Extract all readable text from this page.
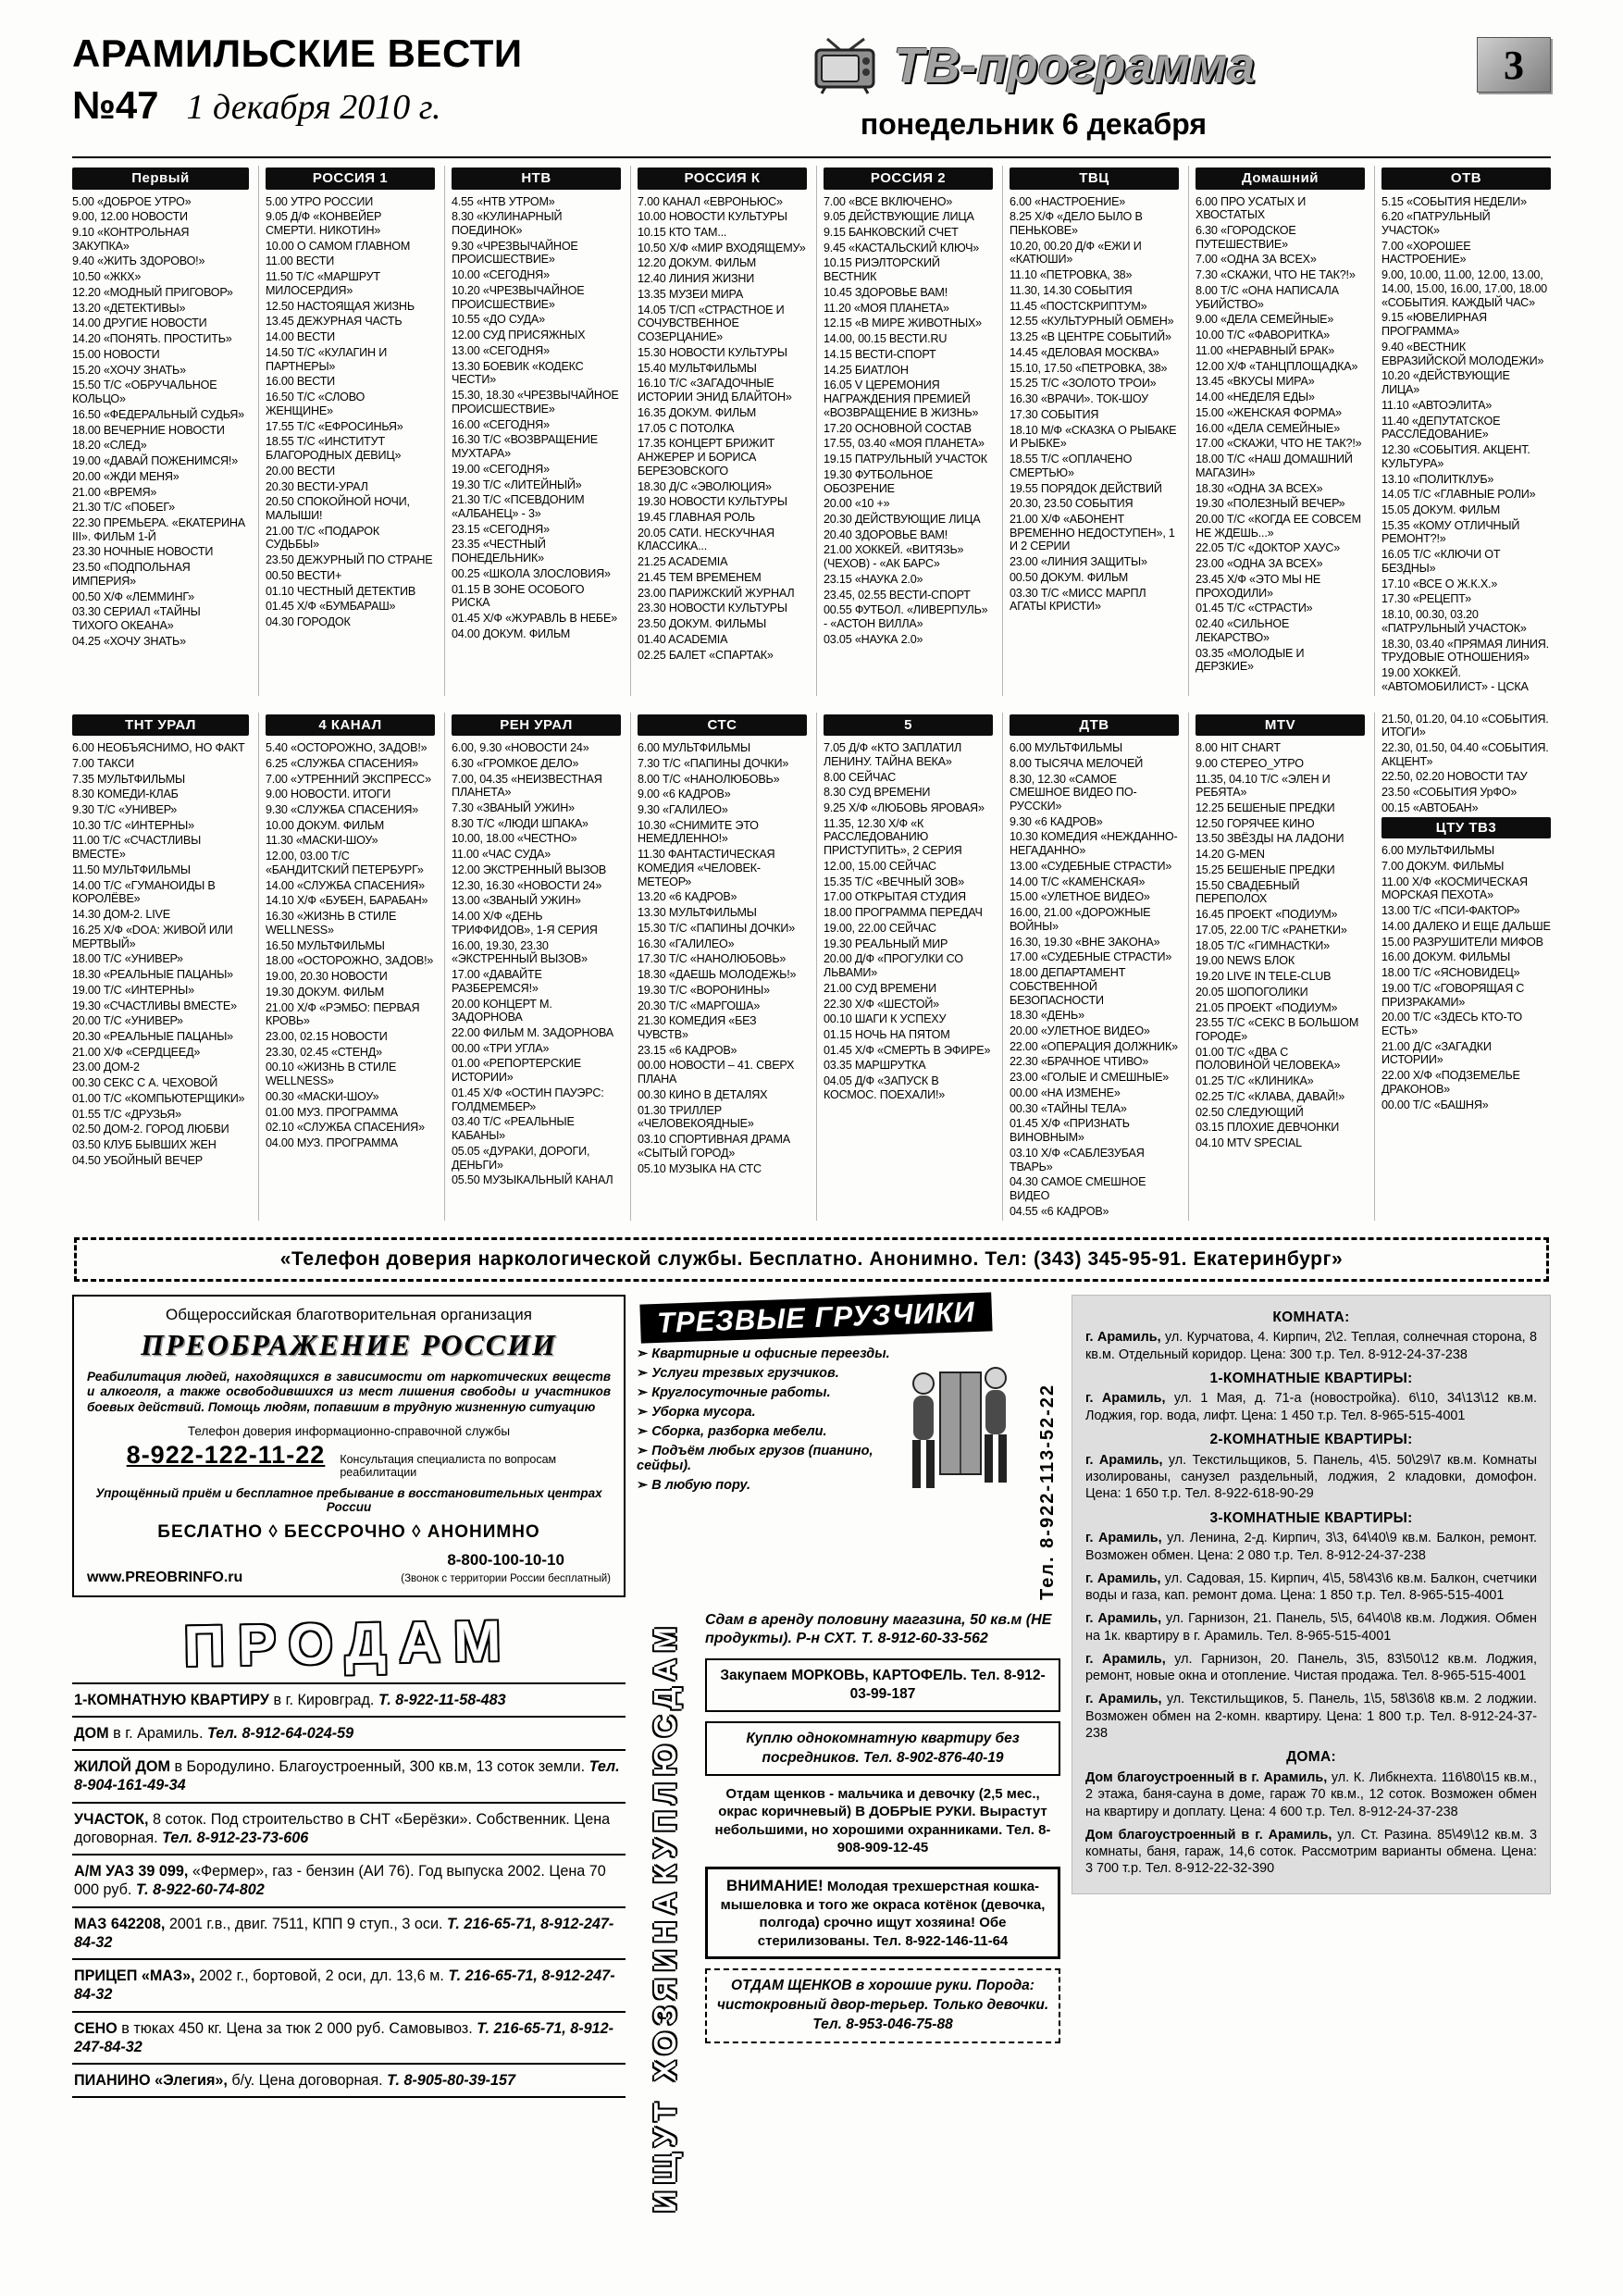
АРАМИЛЬСКИЕ ВЕСТИ
№47 1 декабря 2010 г.
ТВ-программа
понедельник 6 декабря
3
Первый
5.00 «ДОБРОЕ УТРО»
9.00, 12.00 НОВОСТИ
9.10 «КОНТРОЛЬНАЯ ЗАКУПКА»
9.40 «ЖИТЬ ЗДОРОВО!»
10.50 «ЖКХ»
12.20 «МОДНЫЙ ПРИГОВОР»
13.20 «ДЕТЕКТИВЫ»
14.00 ДРУГИЕ НОВОСТИ
14.20 «ПОНЯТЬ. ПРОСТИТЬ»
15.00 НОВОСТИ
15.20 «ХОЧУ ЗНАТЬ»
15.50 Т/С «ОБРУЧАЛЬНОЕ КОЛЬЦО»
16.50 «ФЕДЕРАЛЬНЫЙ СУДЬЯ»
18.00 ВЕЧЕРНИЕ НОВОСТИ
18.20 «СЛЕД»
19.00 «ДАВАЙ ПОЖЕНИМСЯ!»
20.00 «ЖДИ МЕНЯ»
21.00 «ВРЕМЯ»
21.30 Т/С «ПОБЕГ»
22.30 ПРЕМЬЕРА. «ЕКАТЕРИНА III». ФИЛЬМ 1-Й
23.30 НОЧНЫЕ НОВОСТИ
23.50 «ПОДПОЛЬНАЯ ИМПЕРИЯ»
00.50 Х/Ф «ЛЕММИНГ»
03.30 СЕРИАЛ «ТАЙНЫ ТИХОГО ОКЕАНА»
04.25 «ХОЧУ ЗНАТЬ»
РОССИЯ 1
5.00 УТРО РОССИИ
9.05 Д/Ф «КОНВЕЙЕР СМЕРТИ. НИКОТИН»
10.00 О САМОМ ГЛАВНОМ
11.00 ВЕСТИ
11.50 Т/С «МАРШРУТ МИЛОСЕРДИЯ»
12.50 НАСТОЯЩАЯ ЖИЗНЬ
13.45 ДЕЖУРНАЯ ЧАСТЬ
14.00 ВЕСТИ
14.50 Т/С «КУЛАГИН И ПАРТНЕРЫ»
16.00 ВЕСТИ
16.50 Т/С «СЛОВО ЖЕНЩИНЕ»
17.55 Т/С «ЕФРОСИНЬЯ»
18.55 Т/С «ИНСТИТУТ БЛАГОРОДНЫХ ДЕВИЦ»
20.00 ВЕСТИ
20.30 ВЕСТИ-УРАЛ
20.50 СПОКОЙНОЙ НОЧИ, МАЛЫШИ!
21.00 Т/С «ПОДАРОК СУДЬБЫ»
23.50 ДЕЖУРНЫЙ ПО СТРАНЕ
00.50 ВЕСТИ+
01.10 ЧЕСТНЫЙ ДЕТЕКТИВ
01.45 Х/Ф «БУМБАРАШ»
04.30 ГОРОДОК
НТВ
4.55 «НТВ УТРОМ»
8.30 «КУЛИНАРНЫЙ ПОЕДИНОК»
9.30 «ЧРЕЗВЫЧАЙНОЕ ПРОИСШЕСТВИЕ»
10.00 «СЕГОДНЯ»
10.20 «ЧРЕЗВЫЧАЙНОЕ ПРОИСШЕСТВИЕ»
10.55 «ДО СУДА»
12.00 СУД ПРИСЯЖНЫХ
13.00 «СЕГОДНЯ»
13.30 БОЕВИК «КОДЕКС ЧЕСТИ»
15.30, 18.30 «ЧРЕЗВЫЧАЙНОЕ ПРОИСШЕСТВИЕ»
16.00 «СЕГОДНЯ»
16.30 Т/С «ВОЗВРАЩЕНИЕ МУХТАРА»
19.00 «СЕГОДНЯ»
19.30 Т/С «ЛИТЕЙНЫЙ»
21.30 Т/С «ПСЕВДОНИМ «АЛБАНЕЦ» - 3»
23.15 «СЕГОДНЯ»
23.35 «ЧЕСТНЫЙ ПОНЕДЕЛЬНИК»
00.25 «ШКОЛА ЗЛОСЛОВИЯ»
01.15 В ЗОНЕ ОСОБОГО РИСКА
01.45 Х/Ф «ЖУРАВЛЬ В НЕБЕ»
04.00 ДОКУМ. ФИЛЬМ
РОССИЯ К
7.00 КАНАЛ «ЕВРОНЬЮС»
10.00 НОВОСТИ КУЛЬТУРЫ
10.15 КТО ТАМ...
10.50 Х/Ф «МИР ВХОДЯЩЕМУ»
12.20 ДОКУМ. ФИЛЬМ
12.40 ЛИНИЯ ЖИЗНИ
13.35 МУЗЕИ МИРА
14.05 Т/СП «СТРАСТНОЕ И СОЧУВСТВЕННОЕ СОЗЕРЦАНИЕ»
15.30 НОВОСТИ КУЛЬТУРЫ
15.40 МУЛЬТФИЛЬМЫ
16.10 Т/С «ЗАГАДОЧНЫЕ ИСТОРИИ ЭНИД БЛАЙТОН»
16.35 ДОКУМ. ФИЛЬМ
17.05 С ПОТОЛКА
17.35 КОНЦЕРТ БРИЖИТ АНЖЕРЕР И БОРИСА БЕРЕЗОВСКОГО
18.30 Д/С «ЭВОЛЮЦИЯ»
19.30 НОВОСТИ КУЛЬТУРЫ
19.45 ГЛАВНАЯ РОЛЬ
20.05 САТИ. НЕСКУЧНАЯ КЛАССИКА...
21.25 ACADEMIA
21.45 ТЕМ ВРЕМЕНЕМ
23.00 ПАРИЖСКИЙ ЖУРНАЛ
23.30 НОВОСТИ КУЛЬТУРЫ
23.50 ДОКУМ. ФИЛЬМЫ
01.40 ACADEMIA
02.25 БАЛЕТ «СПАРТАК»
РОССИЯ 2
7.00 «ВСЕ ВКЛЮЧЕНО»
9.05 ДЕЙСТВУЮЩИЕ ЛИЦА
9.15 БАНКОВСКИЙ СЧЕТ
9.45 «КАСТАЛЬСКИЙ КЛЮЧ»
10.15 РИЭЛТОРСКИЙ ВЕСТНИК
10.45 ЗДОРОВЬЕ ВАМ!
11.20 «МОЯ ПЛАНЕТА»
12.15 «В МИРЕ ЖИВОТНЫХ»
14.00, 00.15 ВЕСТИ.RU
14.15 ВЕСТИ-СПОРТ
14.25 БИАТЛОН
16.05 V ЦЕРЕМОНИЯ НАГРАЖДЕНИЯ ПРЕМИЕЙ «ВОЗВРАЩЕНИЕ В ЖИЗНЬ»
17.20 ОСНОВНОЙ СОСТАВ
17.55, 03.40 «МОЯ ПЛАНЕТА»
19.15 ПАТРУЛЬНЫЙ УЧАСТОК
19.30 ФУТБОЛЬНОЕ ОБОЗРЕНИЕ
20.00 «10 +»
20.30 ДЕЙСТВУЮЩИЕ ЛИЦА
20.40 ЗДОРОВЬЕ ВАМ!
21.00 ХОККЕЙ. «ВИТЯЗЬ» (ЧЕХОВ) - «АК БАРС»
23.15 «НАУКА 2.0»
23.45, 02.55 ВЕСТИ-СПОРТ
00.55 ФУТБОЛ. «ЛИВЕРПУЛЬ» - «АСТОН ВИЛЛА»
03.05 «НАУКА 2.0»
ТВЦ
6.00 «НАСТРОЕНИЕ»
8.25 Х/Ф «ДЕЛО БЫЛО В ПЕНЬКОВЕ»
10.20, 00.20 Д/Ф «ЕЖИ И «КАТЮШИ»
11.10 «ПЕТРОВКА, 38»
11.30, 14.30 СОБЫТИЯ
11.45 «ПОСТСКРИПТУМ»
12.55 «КУЛЬТУРНЫЙ ОБМЕН»
13.25 «В ЦЕНТРЕ СОБЫТИЙ»
14.45 «ДЕЛОВАЯ МОСКВА»
15.10, 17.50 «ПЕТРОВКА, 38»
15.25 Т/С «ЗОЛОТО ТРОИ»
16.30 «ВРАЧИ». ТОК-ШОУ
17.30 СОБЫТИЯ
18.10 М/Ф «СКАЗКА О РЫБАКЕ И РЫБКЕ»
18.55 Т/С «ОПЛАЧЕНО СМЕРТЬЮ»
19.55 ПОРЯДОК ДЕЙСТВИЙ
20.30, 23.50 СОБЫТИЯ
21.00 Х/Ф «АБОНЕНТ ВРЕМЕННО НЕДОСТУПЕН», 1 И 2 СЕРИИ
23.00 «ЛИНИЯ ЗАЩИТЫ»
00.50 ДОКУМ. ФИЛЬМ
03.30 Т/С «МИСС МАРПЛ АГАТЫ КРИСТИ»
Домашний
6.00 ПРО УСАТЫХ И ХВОСТАТЫХ
6.30 «ГОРОДСКОЕ ПУТЕШЕСТВИЕ»
7.00 «ОДНА ЗА ВСЕХ»
7.30 «СКАЖИ, ЧТО НЕ ТАК?!»
8.00 Т/С «ОНА НАПИСАЛА УБИЙСТВО»
9.00 «ДЕЛА СЕМЕЙНЫЕ»
10.00 Т/С «ФАВОРИТКА»
11.00 «НЕРАВНЫЙ БРАК»
12.00 Х/Ф «ТАНЦПЛОЩАДКА»
13.45 «ВКУСЫ МИРА»
14.00 «НЕДЕЛЯ ЕДЫ»
15.00 «ЖЕНСКАЯ ФОРМА»
16.00 «ДЕЛА СЕМЕЙНЫЕ»
17.00 «СКАЖИ, ЧТО НЕ ТАК?!»
18.00 Т/С «НАШ ДОМАШНИЙ МАГАЗИН»
18.30 «ОДНА ЗА ВСЕХ»
19.30 «ПОЛЕЗНЫЙ ВЕЧЕР»
20.00 Т/С «КОГДА ЕЕ СОВСЕМ НЕ ЖДЕШЬ...»
22.05 Т/С «ДОКТОР ХАУС»
23.00 «ОДНА ЗА ВСЕХ»
23.45 Х/Ф «ЭТО МЫ НЕ ПРОХОДИЛИ»
01.45 Т/С «СТРАСТИ»
02.40 «СИЛЬНОЕ ЛЕКАРСТВО»
03.35 «МОЛОДЫЕ И ДЕРЗКИЕ»
ОТВ
5.15 «СОБЫТИЯ НЕДЕЛИ»
6.20 «ПАТРУЛЬНЫЙ УЧАСТОК»
7.00 «ХОРОШЕЕ НАСТРОЕНИЕ»
9.00, 10.00, 11.00, 12.00, 13.00, 14.00, 15.00, 16.00, 17.00, 18.00 «СОБЫТИЯ. КАЖДЫЙ ЧАС»
9.15 «ЮВЕЛИРНАЯ ПРОГРАММА»
9.40 «ВЕСТНИК ЕВРАЗИЙСКОЙ МОЛОДЕЖИ»
10.20 «ДЕЙСТВУЮЩИЕ ЛИЦА»
11.10 «АВТОЭЛИТА»
11.40 «ДЕПУТАТСКОЕ РАССЛЕДОВАНИЕ»
12.30 «СОБЫТИЯ. АКЦЕНТ. КУЛЬТУРА»
13.10 «ПОЛИТКЛУБ»
14.05 Т/С «ГЛАВНЫЕ РОЛИ»
15.05 ДОКУМ. ФИЛЬМ
15.35 «КОМУ ОТЛИЧНЫЙ РЕМОНТ?!»
16.05 Т/С «КЛЮЧИ ОТ БЕЗДНЫ»
17.10 «ВСЕ О Ж.К.Х.»
17.30 «РЕЦЕПТ»
18.10, 00.30, 03.20 «ПАТРУЛЬНЫЙ УЧАСТОК»
18.30, 03.40 «ПРЯМАЯ ЛИНИЯ. ТРУДОВЫЕ ОТНОШЕНИЯ»
19.00 ХОККЕЙ. «АВТОМОБИЛИСТ» - ЦСКА
ТНТ УРАЛ
6.00 НЕОБЪЯСНИМО, НО ФАКТ
7.00 ТАКСИ
7.35 МУЛЬТФИЛЬМЫ
8.30 КОМЕДИ-КЛАБ
9.30 Т/С «УНИВЕР»
10.30 Т/С «ИНТЕРНЫ»
11.00 Т/С «СЧАСТЛИВЫ ВМЕСТЕ»
11.50 МУЛЬТФИЛЬМЫ
14.00 Т/С «ГУМАНОИДЫ В КОРОЛЁВЕ»
14.30 ДОМ-2. LIVE
16.25 Х/Ф «DOA: ЖИВОЙ ИЛИ МЕРТВЫЙ»
18.00 Т/С «УНИВЕР»
18.30 «РЕАЛЬНЫЕ ПАЦАНЫ»
19.00 Т/С «ИНТЕРНЫ»
19.30 «СЧАСТЛИВЫ ВМЕСТЕ»
20.00 Т/С «УНИВЕР»
20.30 «РЕАЛЬНЫЕ ПАЦАНЫ»
21.00 Х/Ф «СЕРДЦЕЕД»
23.00 ДОМ-2
00.30 СЕКС С А. ЧЕХОВОЙ
01.00 Т/С «КОМПЬЮТЕРЩИКИ»
01.55 Т/С «ДРУЗЬЯ»
02.50 ДОМ-2. ГОРОД ЛЮБВИ
03.50 КЛУБ БЫВШИХ ЖЕН
04.50 УБОЙНЫЙ ВЕЧЕР
4 КАНАЛ
5.40 «ОСТОРОЖНО, ЗАДОВ!»
6.25 «СЛУЖБА СПАСЕНИЯ»
7.00 «УТРЕННИЙ ЭКСПРЕСС»
9.00 НОВОСТИ. ИТОГИ
9.30 «СЛУЖБА СПАСЕНИЯ»
10.00 ДОКУМ. ФИЛЬМ
11.30 «МАСКИ-ШОУ»
12.00, 03.00 Т/С «БАНДИТСКИЙ ПЕТЕРБУРГ»
14.00 «СЛУЖБА СПАСЕНИЯ»
14.10 Х/Ф «БУБЕН, БАРАБАН»
16.30 «ЖИЗНЬ В СТИЛЕ WELLNESS»
16.50 МУЛЬТФИЛЬМЫ
18.00 «ОСТОРОЖНО, ЗАДОВ!»
19.00, 20.30 НОВОСТИ
19.30 ДОКУМ. ФИЛЬМ
21.00 Х/Ф «РЭМБО: ПЕРВАЯ КРОВЬ»
23.00, 02.15 НОВОСТИ
23.30, 02.45 «СТЕНД»
00.10 «ЖИЗНЬ В СТИЛЕ WELLNESS»
00.30 «МАСКИ-ШОУ»
01.00 МУЗ. ПРОГРАММА
02.10 «СЛУЖБА СПАСЕНИЯ»
04.00 МУЗ. ПРОГРАММА
РЕН УРАЛ
6.00, 9.30 «НОВОСТИ 24»
6.30 «ГРОМКОЕ ДЕЛО»
7.00, 04.35 «НЕИЗВЕСТНАЯ ПЛАНЕТА»
7.30 «ЗВАНЫЙ УЖИН»
8.30 Т/С «ЛЮДИ ШПАКА»
10.00, 18.00 «ЧЕСТНО»
11.00 «ЧАС СУДА»
12.00 ЭКСТРЕННЫЙ ВЫЗОВ
12.30, 16.30 «НОВОСТИ 24»
13.00 «ЗВАНЫЙ УЖИН»
14.00 Х/Ф «ДЕНЬ ТРИФФИДОВ», 1-Я СЕРИЯ
16.00, 19.30, 23.30 «ЭКСТРЕННЫЙ ВЫЗОВ»
17.00 «ДАВАЙТЕ РАЗБЕРЕМСЯ!»
20.00 КОНЦЕРТ М. ЗАДОРНОВА
22.00 ФИЛЬМ М. ЗАДОРНОВА
00.00 «ТРИ УГЛА»
01.00 «РЕПОРТЕРСКИЕ ИСТОРИИ»
01.45 Х/Ф «ОСТИН ПАУЭРС: ГОЛДМЕМБЕР»
03.40 Т/С «РЕАЛЬНЫЕ КАБАНЫ»
05.05 «ДУРАКИ, ДОРОГИ, ДЕНЬГИ»
05.50 МУЗЫКАЛЬНЫЙ КАНАЛ
СТС
6.00 МУЛЬТФИЛЬМЫ
7.30 Т/С «ПАПИНЫ ДОЧКИ»
8.00 Т/С «НАНОЛЮБОВЬ»
9.00 «6 КАДРОВ»
9.30 «ГАЛИЛЕО»
10.30 «СНИМИТЕ ЭТО НЕМЕДЛЕННО!»
11.30 ФАНТАСТИЧЕСКАЯ КОМЕДИЯ «ЧЕЛОВЕК-МЕТЕОР»
13.20 «6 КАДРОВ»
13.30 МУЛЬТФИЛЬМЫ
15.30 Т/С «ПАПИНЫ ДОЧКИ»
16.30 «ГАЛИЛЕО»
17.30 Т/С «НАНОЛЮБОВЬ»
18.30 «ДАЕШЬ МОЛОДЕЖЬ!»
19.30 Т/С «ВОРОНИНЫ»
20.30 Т/С «МАРГОША»
21.30 КОМЕДИЯ «БЕЗ ЧУВСТВ»
23.15 «6 КАДРОВ»
00.00 НОВОСТИ – 41. СВЕРХ ПЛАНА
00.30 КИНО В ДЕТАЛЯХ
01.30 ТРИЛЛЕР «ЧЕЛОВЕКОЯДНЫЕ»
03.10 СПОРТИВНАЯ ДРАМА «СЫТЫЙ ГОРОД»
05.10 МУЗЫКА НА СТС
5
7.05 Д/Ф «КТО ЗАПЛАТИЛ ЛЕНИНУ. ТАЙНА ВЕКА»
8.00 СЕЙЧАС
8.30 СУД ВРЕМЕНИ
9.25 Х/Ф «ЛЮБОВЬ ЯРОВАЯ»
11.35, 12.30 Х/Ф «К РАССЛЕДОВАНИЮ ПРИСТУПИТЬ», 2 СЕРИЯ
12.00, 15.00 СЕЙЧАС
15.35 Т/С «ВЕЧНЫЙ ЗОВ»
17.00 ОТКРЫТАЯ СТУДИЯ
18.00 ПРОГРАММА ПЕРЕДАЧ
19.00, 22.00 СЕЙЧАС
19.30 РЕАЛЬНЫЙ МИР
20.00 Д/Ф «ПРОГУЛКИ СО ЛЬВАМИ»
21.00 СУД ВРЕМЕНИ
22.30 Х/Ф «ШЕСТОЙ»
00.10 ШАГИ К УСПЕХУ
01.15 НОЧЬ НА ПЯТОМ
01.45 Х/Ф «СМЕРТЬ В ЭФИРЕ»
03.35 МАРШРУТКА
04.05 Д/Ф «ЗАПУСК В КОСМОС. ПОЕХАЛИ!»
ДТВ
6.00 МУЛЬТФИЛЬМЫ
8.00 ТЫСЯЧА МЕЛОЧЕЙ
8.30, 12.30 «САМОЕ СМЕШНОЕ ВИДЕО ПО-РУССКИ»
9.30 «6 КАДРОВ»
10.30 КОМЕДИЯ «НЕЖДАННО-НЕГАДАННО»
13.00 «СУДЕБНЫЕ СТРАСТИ»
14.00 Т/С «КАМЕНСКАЯ»
15.00 «УЛЕТНОЕ ВИДЕО»
16.00, 21.00 «ДОРОЖНЫЕ ВОЙНЫ»
16.30, 19.30 «ВНЕ ЗАКОНА»
17.00 «СУДЕБНЫЕ СТРАСТИ»
18.00 ДЕПАРТАМЕНТ СОБСТВЕННОЙ БЕЗОПАСНОСТИ
18.30 «ДЕНЬ»
20.00 «УЛЕТНОЕ ВИДЕО»
22.00 «ОПЕРАЦИЯ ДОЛЖНИК»
22.30 «БРАЧНОЕ ЧТИВО»
23.00 «ГОЛЫЕ И СМЕШНЫЕ»
00.00 «НА ИЗМЕНЕ»
00.30 «ТАЙНЫ ТЕЛА»
01.45 Х/Ф «ПРИЗНАТЬ ВИНОВНЫМ»
03.10 Х/Ф «САБЛЕЗУБАЯ ТВАРЬ»
04.30 САМОЕ СМЕШНОЕ ВИДЕО
04.55 «6 КАДРОВ»
MTV
8.00 HIT CHART
9.00 СТЕРЕО_УТРО
11.35, 04.10 Т/С «ЭЛЕН И РЕБЯТА»
12.25 БЕШЕНЫЕ ПРЕДКИ
12.50 ГОРЯЧЕЕ КИНО
13.50 ЗВЁЗДЫ НА ЛАДОНИ
14.20 G-MEN
15.25 БЕШЕНЫЕ ПРЕДКИ
15.50 СВАДЕБНЫЙ ПЕРЕПОЛОХ
16.45 ПРОЕКТ «ПОДИУМ»
17.05, 22.00 Т/С «РАНЕТКИ»
18.05 Т/С «ГИМНАСТКИ»
19.00 NEWS БЛОК
19.20 LIVE IN TELE-CLUB
20.05 ШОПОГОЛИКИ
21.05 ПРОЕКТ «ПОДИУМ»
23.55 Т/С «СЕКС В БОЛЬШОМ ГОРОДЕ»
01.00 Т/С «ДВА С ПОЛОВИНОЙ ЧЕЛОВЕКА»
01.25 Т/С «КЛИНИКА»
02.25 Т/С «КЛАВА, ДАВАЙ!»
02.50 СЛЕДУЮЩИЙ
03.15 ПЛОХИЕ ДЕВЧОНКИ
04.10 MTV SPECIAL
21.50, 01.20, 04.10 «СОБЫТИЯ. ИТОГИ»
22.30, 01.50, 04.40 «СОБЫТИЯ. АКЦЕНТ»
22.50, 02.20 НОВОСТИ ТАУ
23.50 «СОБЫТИЯ УрФО»
00.15 «АВТОБАН»
ЦТУ ТВ3
6.00 МУЛЬТФИЛЬМЫ
7.00 ДОКУМ. ФИЛЬМЫ
11.00 Х/Ф «КОСМИЧЕСКАЯ МОРСКАЯ ПЕХОТА»
13.00 Т/С «ПСИ-ФАКТОР»
14.00 ДАЛЕКО И ЕЩЕ ДАЛЬШЕ
15.00 РАЗРУШИТЕЛИ МИФОВ
16.00 ДОКУМ. ФИЛЬМЫ
18.00 Т/С «ЯСНОВИДЕЦ»
19.00 Т/С «ГОВОРЯЩАЯ С ПРИЗРАКАМИ»
20.00 Т/С «ЗДЕСЬ КТО-ТО ЕСТЬ»
21.00 Д/С «ЗАГАДКИ ИСТОРИИ»
22.00 Х/Ф «ПОДЗЕМЕЛЬЕ ДРАКОНОВ»
00.00 Т/С «БАШНЯ»
«Телефон доверия наркологической службы. Бесплатно. Анонимно. Тел: (343) 345-95-91. Екатеринбург»
Общероссийская благотворительная организация
ПРЕОБРАЖЕНИЕ РОССИИ
Реабилитация людей, находящихся в зависимости от наркотических веществ и алкоголя, а также освободившихся из мест лишения свободы и участников боевых действий. Помощь людям, попавшим в трудную жизненную ситуацию
Телефон доверия информационно-справочной службы
8-922-122-11-22 Консультация специалиста по вопросам реабилитации
Упрощённый приём и бесплатное пребывание в восстановительных центрах России
БЕСЛАТНО ◊ БЕССРОЧНО ◊ АНОНИМНО
www.PREOBRINFO.ru
8-800-100-10-10
(Звонок с территории России бесплатный)
ТРЕЗВЫЕ ГРУЗЧИКИ
➣ Квартирные и офисные переезды.
➣ Услуги трезвых грузчиков.
➣ Круглосуточные работы.
➣ Уборка мусора.
➣ Сборка, разборка мебели.
➣ Подъём любых грузов (пианино, сейфы).
➣ В любую пору.	Тел. 8-922-113-52-22
КОМНАТА:

г. Арамиль, ул. Курчатова, 4. Кирпич, 2\2. Теплая, солнечная сторона, 8 кв.м. Отдельный коридор. Цена: 300 т.р. Тел. 8-912-24-37-238

1-КОМНАТНЫЕ КВАРТИРЫ:

г. Арамиль, ул. 1 Мая, д. 71-а (новостройка). 6\10, 34\13\12 кв.м. Лоджия, гор. вода, лифт. Цена: 1 450 т.р. Тел. 8-965-515-4001

2-КОМНАТНЫЕ КВАРТИРЫ:

г. Арамиль, ул. Текстильщиков, 5. Панель, 4\5. 50\29\7 кв.м. Комнаты изолированы, санузел раздельный, лоджия, 2 кладовки, домофон. Цена: 1 650 т.р. Тел. 8-922-618-90-29

3-КОМНАТНЫЕ КВАРТИРЫ:

г. Арамиль, ул. Ленина, 2-д. Кирпич, 3\3, 64\40\9 кв.м. Балкон, ремонт. Возможен обмен. Цена: 2 080 т.р. Тел. 8-912-24-37-238

г. Арамиль, ул. Садовая, 15. Кирпич, 4\5, 58\43\6 кв.м. Балкон, счетчики воды и газа, кап. ремонт дома. Цена: 1 850 т.р. Тел. 8-965-515-4001

г. Арамиль, ул. Гарнизон, 21. Панель, 5\5, 64\40\8 кв.м. Лоджия. Обмен на 1к. квартиру в г. Арамиль. Тел. 8-965-515-4001

г. Арамиль, ул. Гарнизон, 20. Панель, 3\5, 83\50\12 кв.м. Лоджия, ремонт, новые окна и отопление. Чистая продажа. Тел. 8-965-515-4001

г. Арамиль, ул. Текстильщиков, 5. Панель, 1\5, 58\36\8 кв.м. 2 лоджии. Возможен обмен на 2-комн. квартиру. Цена: 1 800 т.р. Тел. 8-912-24-37-238

ДОМА:

Дом благоустроенный в г. Арамиль, ул. К. Либкнехта. 116\80\15 кв.м., 2 этажа, баня-сауна в доме, гараж 70 кв.м., 12 соток. Возможен обмен на квартиру и доплату. Цена: 4 600 т.р. Тел. 8-912-24-37-238

Дом благоустроенный в г. Арамиль, ул. Ст. Разина. 85\49\12 кв.м. 3 комнаты, баня, гараж, 14,6 соток. Рассмотрим варианты обмена. Цена: 3 700 т.р. Тел. 8-912-22-32-390

ПРОДАМ
1-КОМНАТНУЮ КВАРТИРУ в г. Кировград. Т. 8-922-11-58-483
ДОМ в г. Арамиль. Тел. 8-912-64-024-59
ЖИЛОЙ ДОМ в Бородулино. Благоустроенный, 300 кв.м, 13 соток земли. Тел. 8-904-161-49-34
УЧАСТОК, 8 соток. Под строительство в СНТ «Берёзки». Собственник. Цена договорная. Тел. 8-912-23-73-606
А/М УАЗ 39 099, «Фермер», газ - бензин (АИ 76). Год выпуска 2002. Цена 70 000 руб. Т. 8-922-60-74-802
МАЗ 642208, 2001 г.в., двиг. 7511, КПП 9 ступ., 3 оси. Т. 216-65-71, 8-912-247-84-32
ПРИЦЕП «МАЗ», 2002 г., бортовой, 2 оси, дл. 13,6 м. Т. 216-65-71, 8-912-247-84-32
СЕНО в тюках 450 кг. Цена за тюк 2 000 руб. Самовывоз. Т. 216-65-71, 8-912-247-84-32
ПИАНИНО «Элегия», б/у. Цена договорная. Т. 8-905-80-39-157
СДАМ
КУПЛЮ
ИЩУТ ХОЗЯИНА
Сдам в аренду половину магазина, 50 кв.м (НЕ продукты). Р-н СХТ. Т. 8-912-60-33-562
Закупаем МОРКОВЬ, КАРТОФЕЛЬ. Тел. 8-912-03-99-187
Куплю однокомнатную квартиру без посредников. Тел. 8-902-876-40-19
Отдам щенков - мальчика и девочку (2,5 мес., окрас коричневый) В ДОБРЫЕ РУКИ. Вырастут небольшими, но хорошими охранниками. Тел. 8-908-909-12-45
ВНИМАНИЕ! Молодая трехшерстная кошка-мышеловка и того же окраса котёнок (девочка, полгода) срочно ищут хозяина! Обе стерилизованы. Тел. 8-922-146-11-64
ОТДАМ ЩЕНКОВ в хорошие руки. Порода: чистокровный двор-терьер. Только девочки. Тел. 8-953-046-75-88
